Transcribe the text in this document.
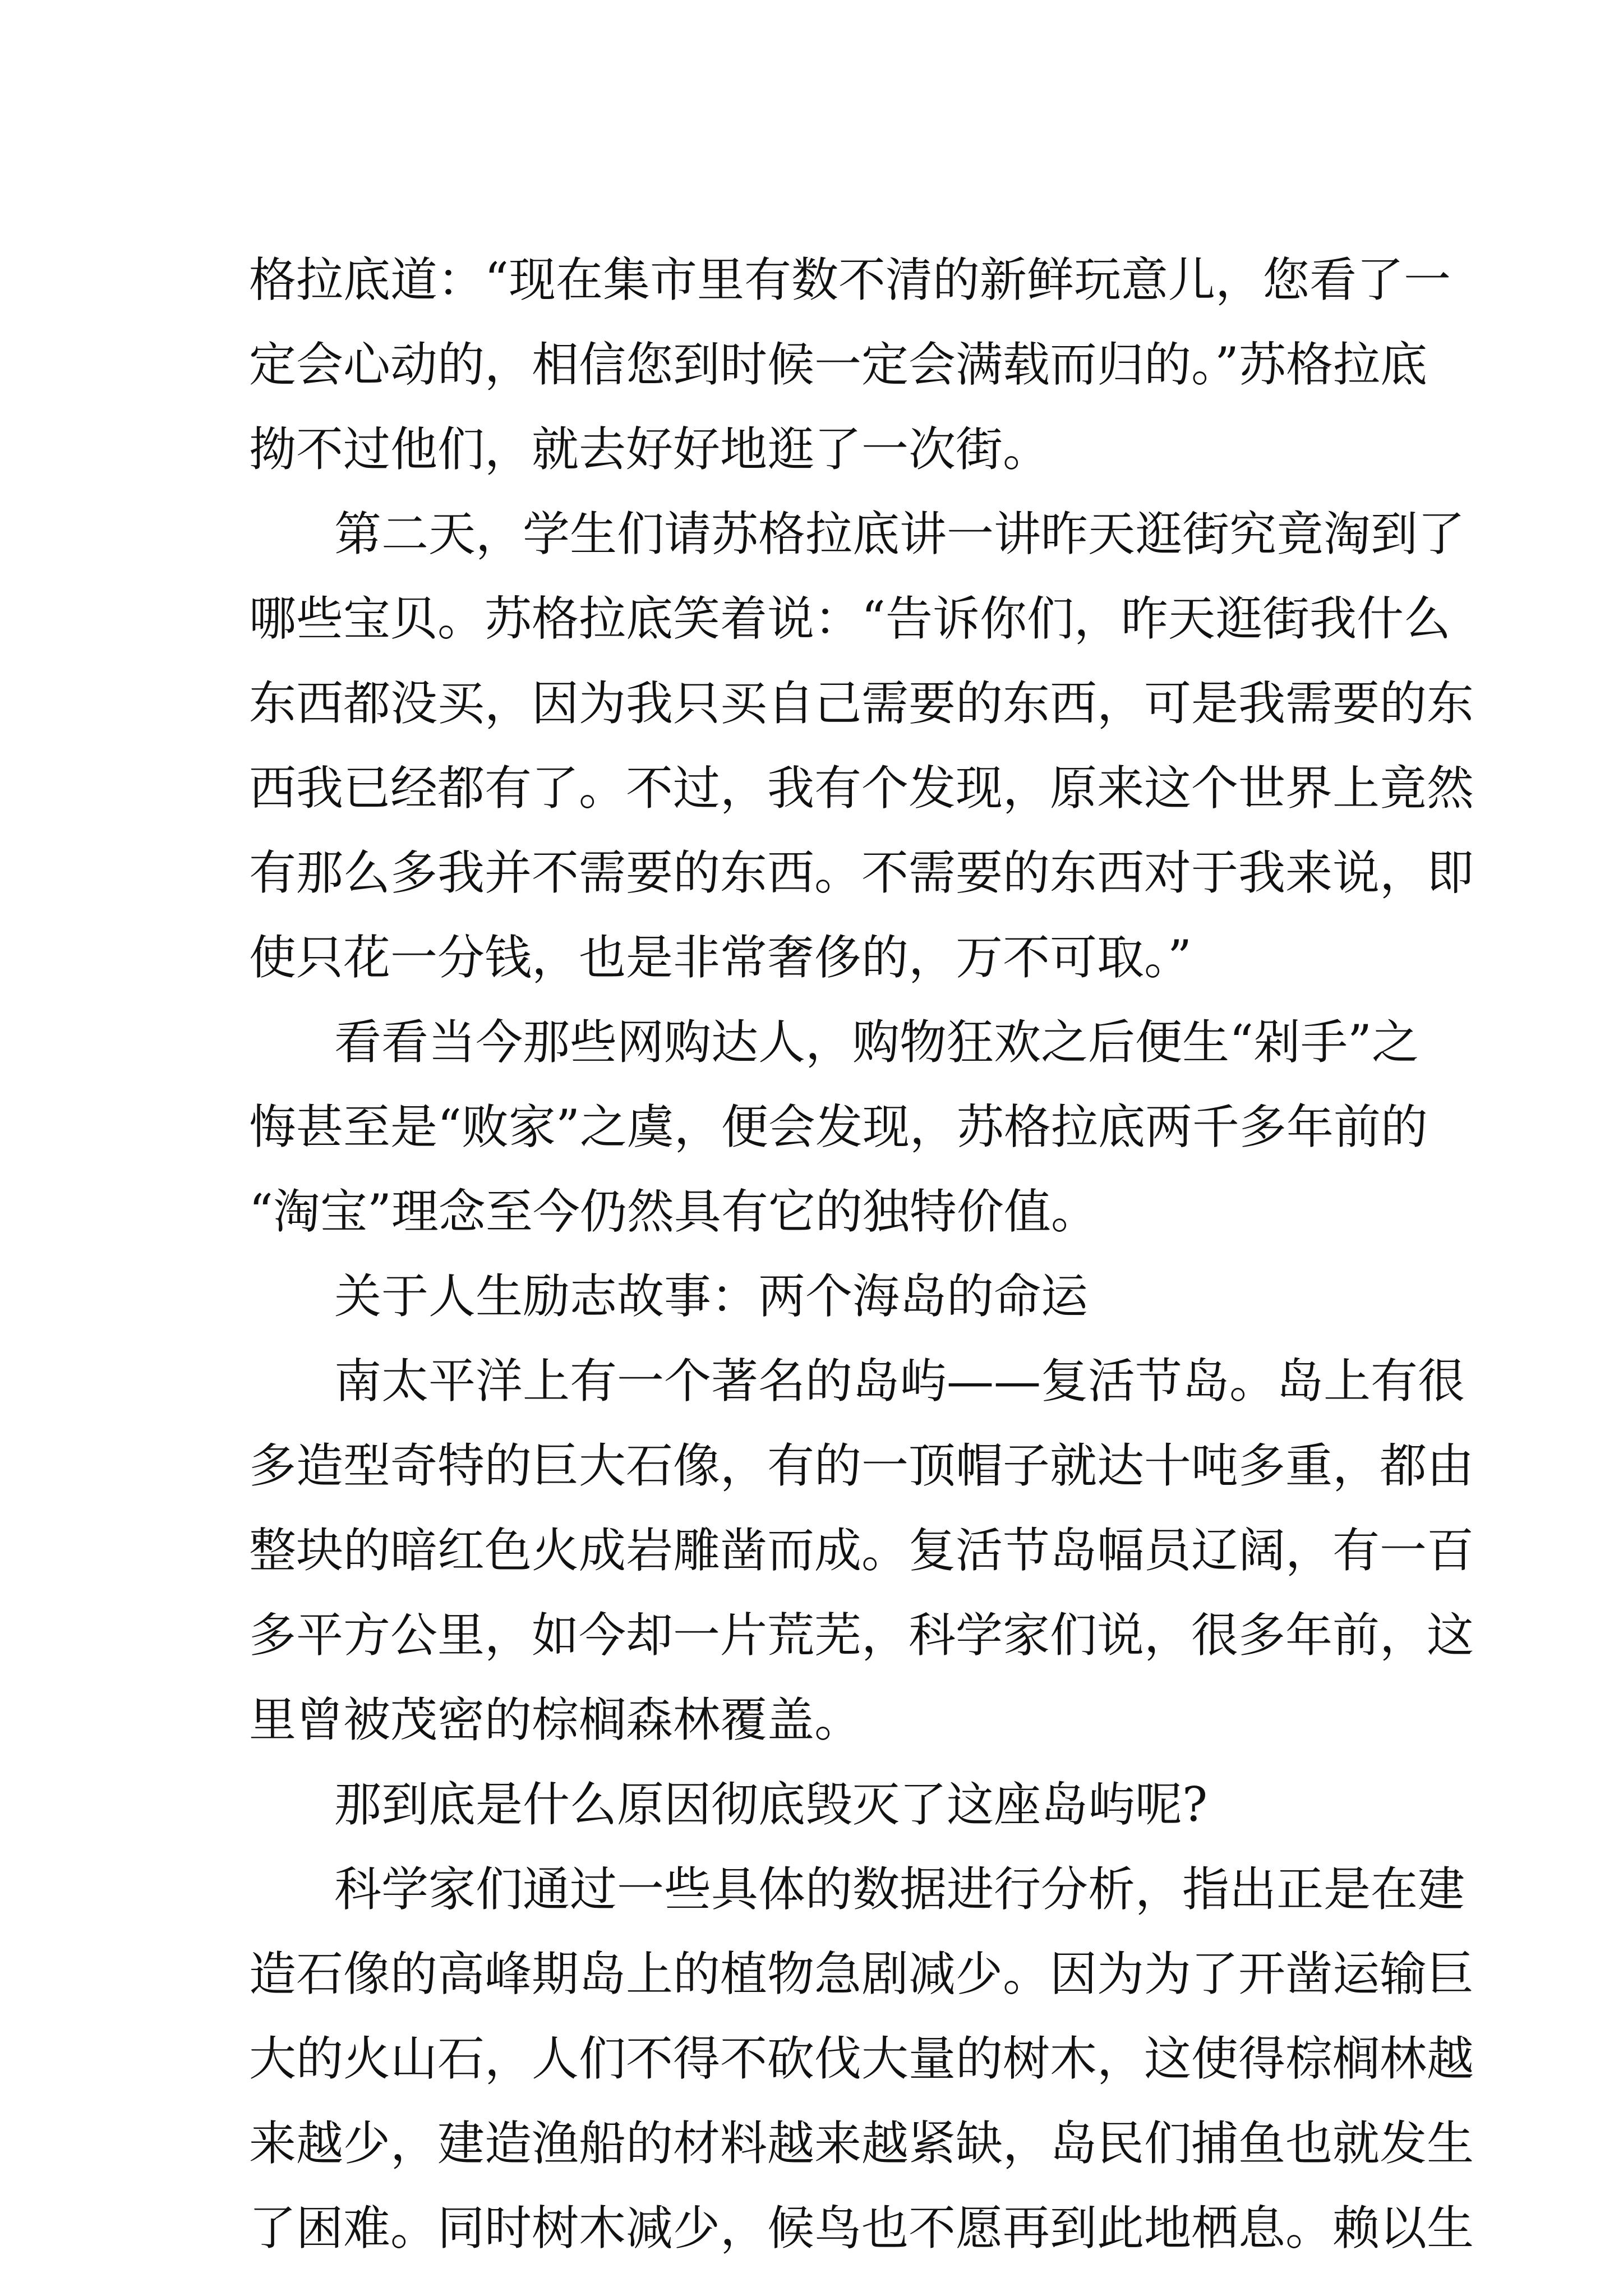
格拉底道：“现在集市里有数不清的新鲜玩意儿，您看了一

定会心动的，相信您到时候一定会满载而归的。”苏格拉底

拗不过他们，就去好好地逛了一次街。

第二天，学生们请苏格拉底讲一讲昨天逛街究竟淘到了

哪些宝贝。苏格拉底笑着说：“告诉你们，昨天逛街我什么

东西都没买，因为我只买自己需要的东西，可是我需要的东

西我已经都有了。不过，我有个发现，原来这个世界上竟然

有那么多我并不需要的东西。不需要的东西对于我来说，即

使只花一分钱，也是非常奢侈的，万不可取。”

看看当今那些网购达人，购物狂欢之后便生“剁手”之

悔甚至是“败家”之虞，便会发现，苏格拉底两千多年前的

“淘宝”理念至今仍然具有它的独特价值。

关于人生励志故事：两个海岛的命运

南太平洋上有一个著名的岛屿——复活节岛。岛上有很

多造型奇特的巨大石像，有的一顶帽子就达十吨多重，都由

整块的暗红色火成岩雕凿而成。复活节岛幅员辽阔，有一百

多平方公里，如今却一片荒芜，科学家们说，很多年前，这

里曾被茂密的棕榈森林覆盖。

那到底是什么原因彻底毁灭了这座岛屿呢?

科学家们通过一些具体的数据进行分析，指出正是在建

造石像的高峰期岛上的植物急剧减少。因为为了开凿运输巨

大的火山石，人们不得不砍伐大量的树木，这使得棕榈林越

来越少，建造渔船的材料越来越紧缺，岛民们捕鱼也就发生

了困难。同时树木减少，候鸟也不愿再到此地栖息。赖以生
